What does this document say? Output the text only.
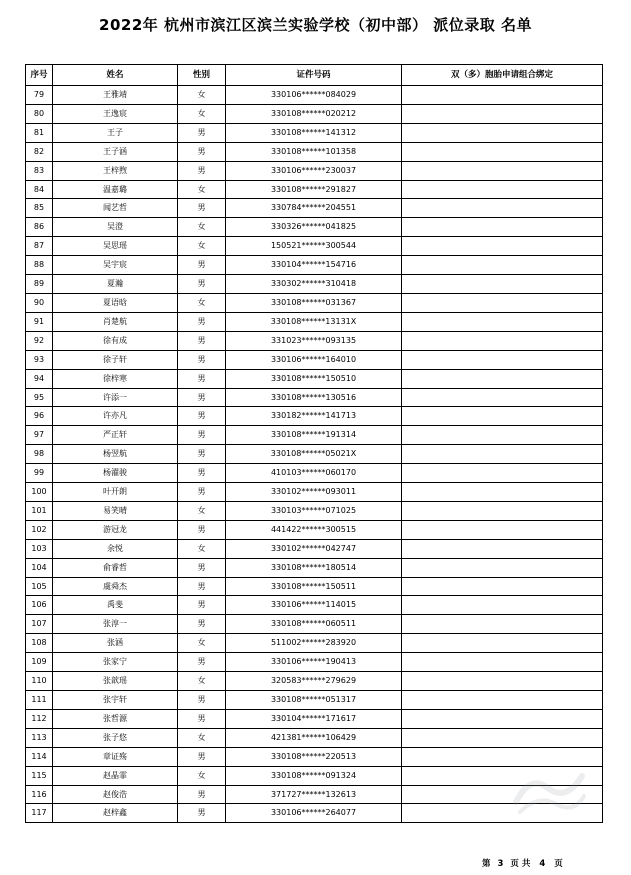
2022年 杭州市滨江区滨兰实验学校（初中部） 派位录取 名单
序号	姓名	性别	证件号码	双（多）胞胎申请组合绑定
79	王雅靖	女	330106******084029	
80	王逸宸	女	330108******020212	
81	王子	男	330108******141312	
82	王子涵	男	330108******101358	
83	王梓煦	男	330106******230037	
84	温嘉璐	女	330108******291827	
85	闻艺哲	男	330784******204551	
86	吴澄	女	330326******041825	
87	吴思瑶	女	150521******300544	
88	吴宇宸	男	330104******154716	
89	夏瀚	男	330302******310418	
90	夏语晗	女	330108******031367	
91	肖楚航	男	330108******13131X	
92	徐有成	男	331023******093135	
93	徐子轩	男	330106******164010	
94	徐梓寒	男	330108******150510	
95	许添一	男	330108******130516	
96	许亦凡	男	330182******141713	
97	严正轩	男	330108******191314	
98	杨翌航	男	330108******05021X	
99	杨濯骏	男	410103******060170	
100	叶开朗	男	330102******093011	
101	易笑晴	女	330103******071025	
102	游冠龙	男	441422******300515	
103	余悦	女	330102******042747	
104	俞睿哲	男	330108******180514	
105	虞舜杰	男	330108******150511	
106	禹斐	男	330106******114015	
107	张淳一	男	330108******060511	
108	张涵	女	511002******283920	
109	张家宁	男	330106******190413	
110	张歆瑶	女	320583******279629	
111	张宇轩	男	330108******051317	
112	张哲源	男	330104******171617	
113	张子悠	女	421381******106429	
114	章证殇	男	330108******220513	
115	赵晶霏	女	330108******091324	
116	赵俊浩	男	371727******132613	
117	赵梓鑫	男	330106******264077	
第 3 页 共 4 页
